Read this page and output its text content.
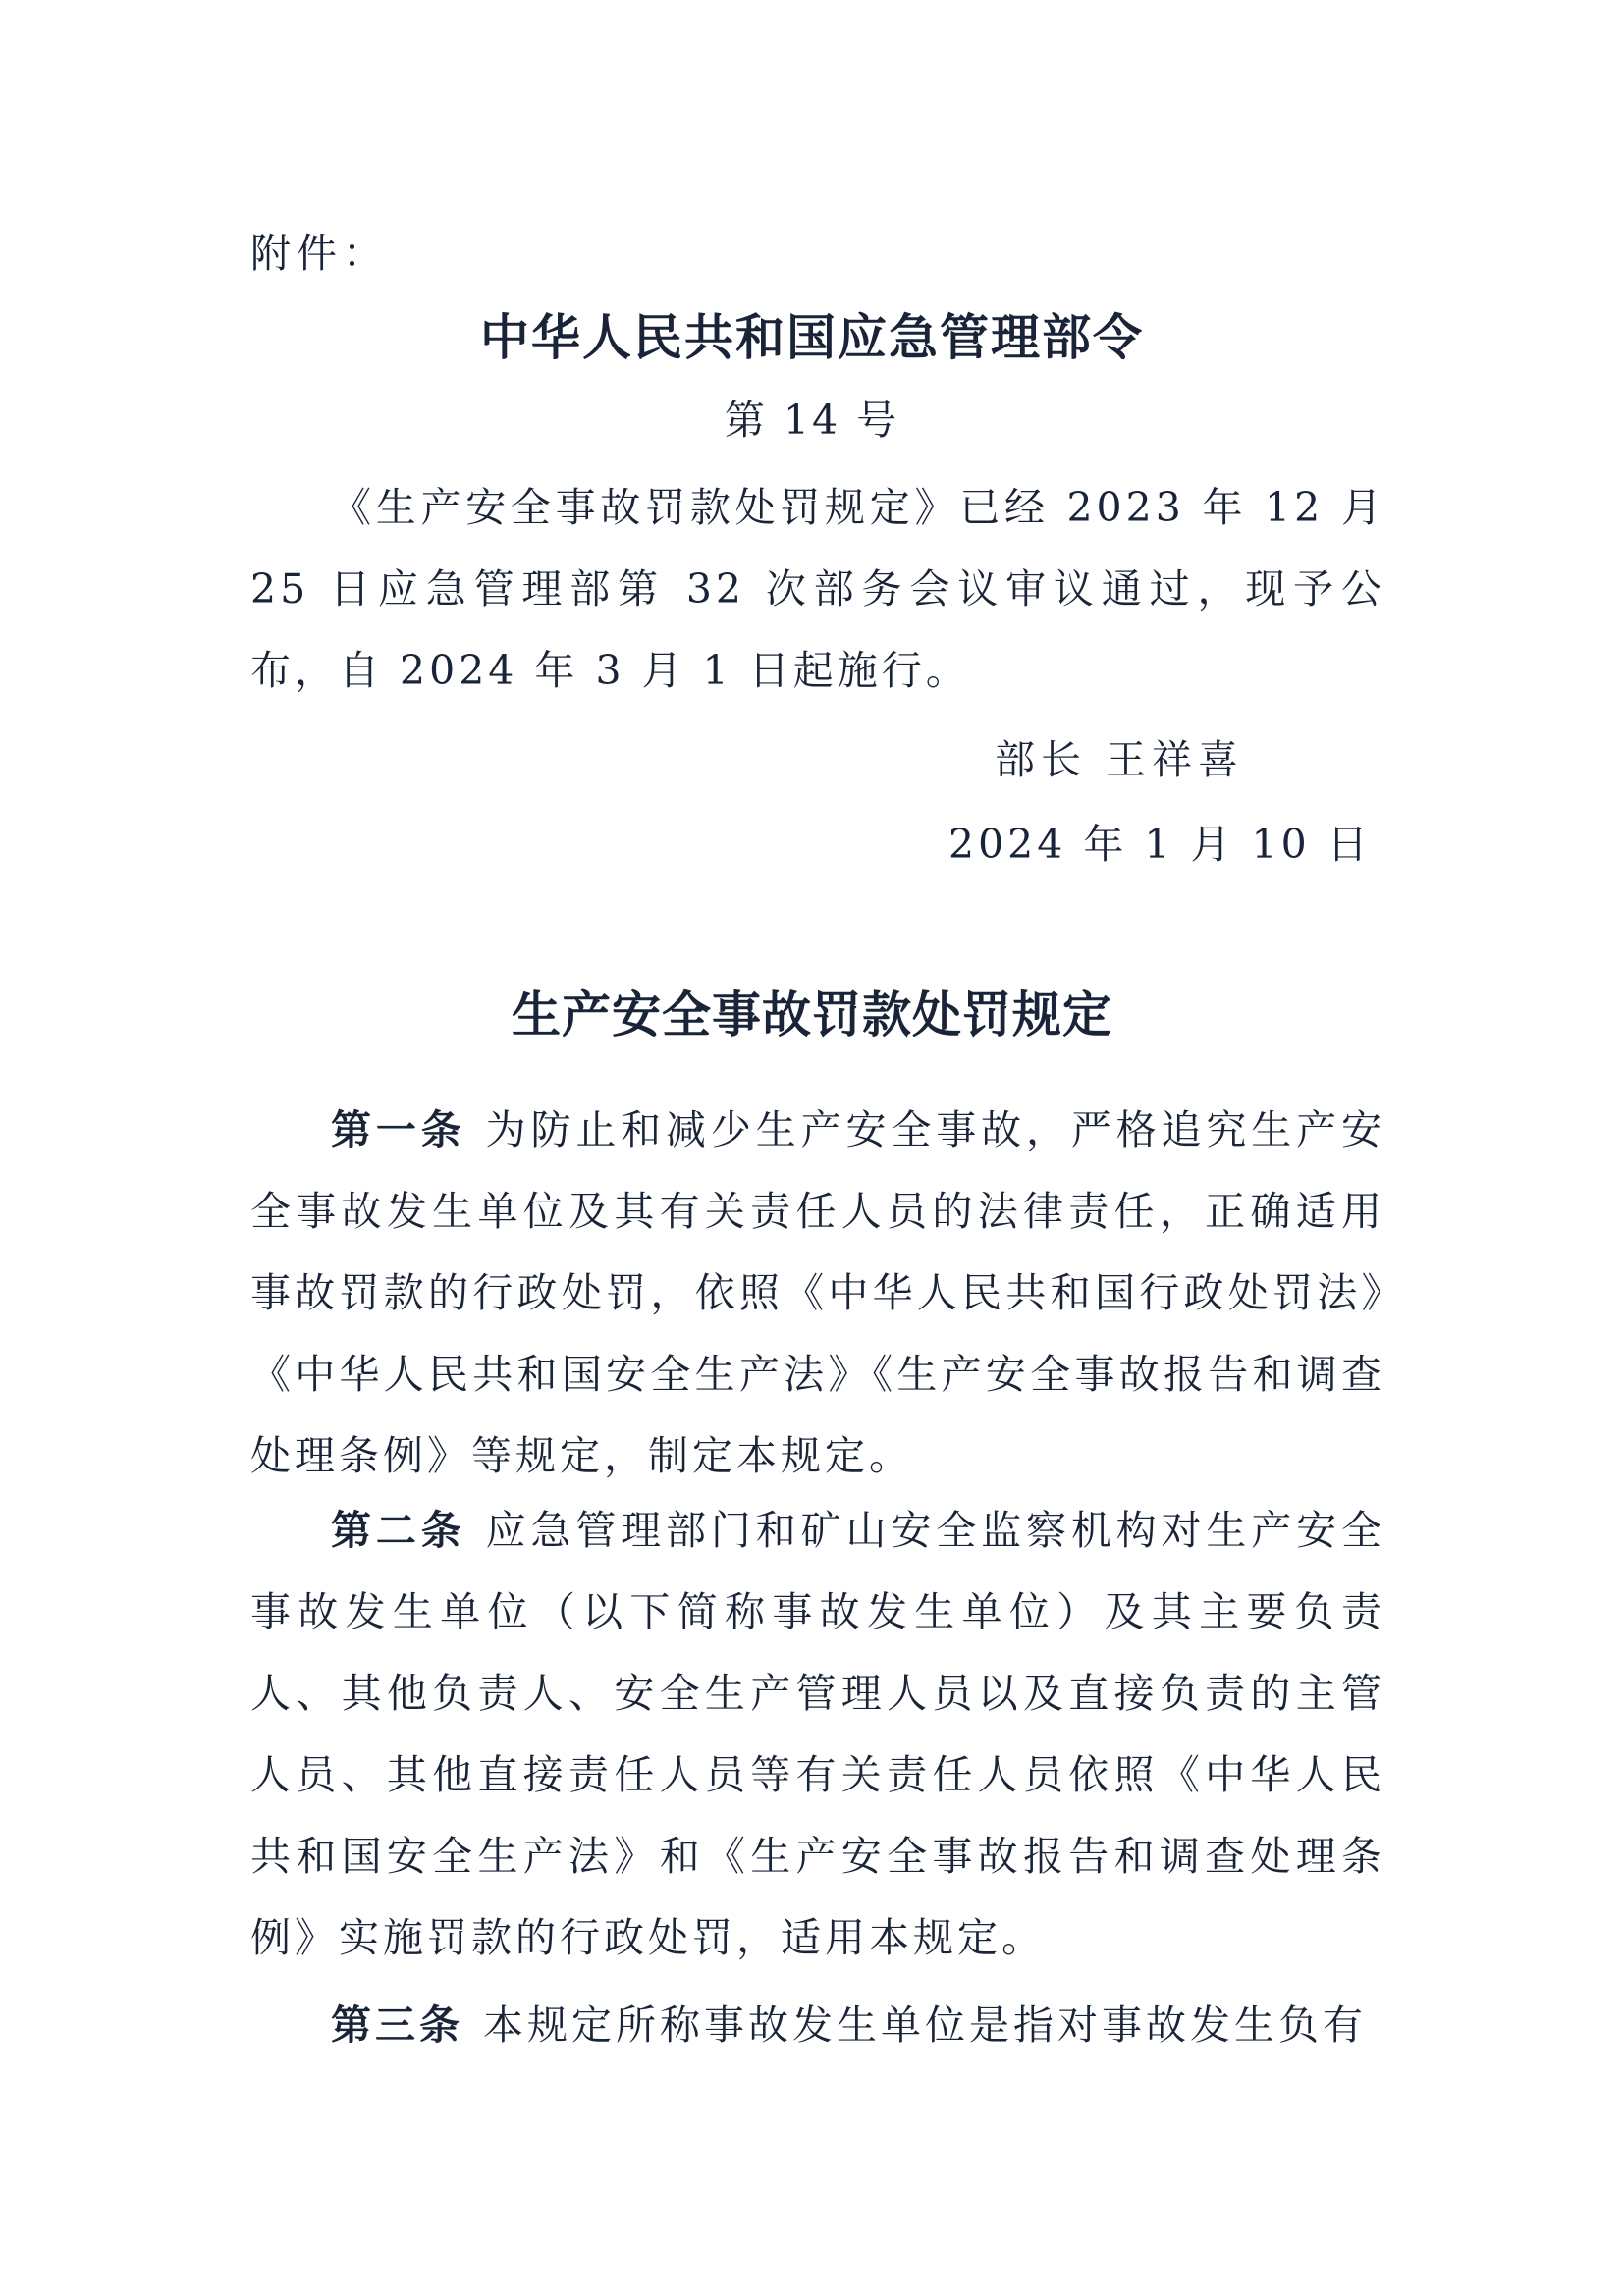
附件：
中华人民共和国应急管理部令
第 14 号
《生产安全事故罚款处罚规定》已经 2023 年 12 月 25 日应急管理部第 32 次部务会议审议通过，现予公布，自 2024 年 3 月 1 日起施行。
部长 王祥喜
2024 年 1 月 10 日
生产安全事故罚款处罚规定
第一条 为防止和减少生产安全事故，严格追究生产安全事故发生单位及其有关责任人员的法律责任，正确适用事故罚款的行政处罚，依照《中华人民共和国行政处罚法》《中华人民共和国安全生产法》《生产安全事故报告和调查处理条例》等规定，制定本规定。
第二条 应急管理部门和矿山安全监察机构对生产安全事故发生单位（以下简称事故发生单位）及其主要负责人、其他负责人、安全生产管理人员以及直接负责的主管人员、其他直接责任人员等有关责任人员依照《中华人民共和国安全生产法》和《生产安全事故报告和调查处理条例》实施罚款的行政处罚，适用本规定。
第三条 本规定所称事故发生单位是指对事故发生负有
